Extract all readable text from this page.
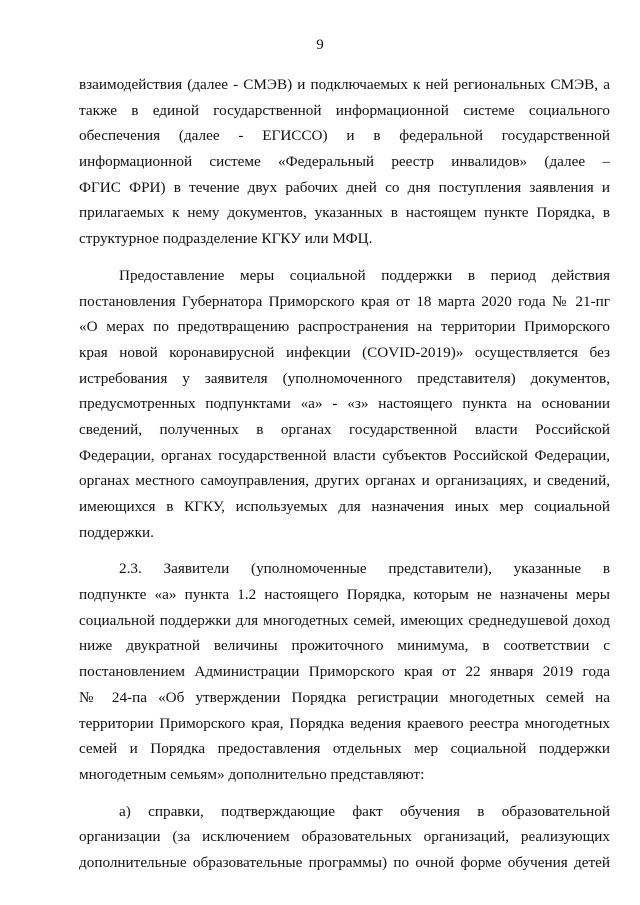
9
взаимодействия (далее - СМЭВ) и подключаемых к ней региональных СМЭВ, а
также в единой государственной информационной системе социального
обеспечения (далее - ЕГИССО) и в федеральной государственной
информационной системе «Федеральный реестр инвалидов» (далее –
ФГИС ФРИ) в течение двух рабочих дней со дня поступления заявления и
прилагаемых к нему документов, указанных в настоящем пункте Порядка, в
структурное подразделение КГКУ или МФЦ.
Предоставление меры социальной поддержки в период действия
постановления Губернатора Приморского края от 18 марта 2020 года № 21-пг
«О мерах по предотвращению распространения на территории Приморского
края новой коронавирусной инфекции (COVID-2019)» осуществляется без
истребования у заявителя (уполномоченного представителя) документов,
предусмотренных подпунктами «а» - «з» настоящего пункта на основании
сведений, полученных в органах государственной власти Российской
Федерации, органах государственной власти субъектов Российской Федерации,
органах местного самоуправления, других органах и организациях, и сведений,
имеющихся в КГКУ, используемых для назначения иных мер социальной
поддержки.
2.3. Заявители (уполномоченные представители), указанные в
подпункте «а» пункта 1.2 настоящего Порядка, которым не назначены меры
социальной поддержки для многодетных семей, имеющих среднедушевой доход
ниже двукратной величины прожиточного минимума, в соответствии с
постановлением Администрации Приморского края от 22 января 2019 года
№ 24-па «Об утверждении Порядка регистрации многодетных семей на
территории Приморского края, Порядка ведения краевого реестра многодетных
семей и Порядка предоставления отдельных мер социальной поддержки
многодетным семьям» дополнительно представляют:
а) справки, подтверждающие факт обучения в образовательной
организации (за исключением образовательных организаций, реализующих
дополнительные образовательные программы) по очной форме обучения детей
